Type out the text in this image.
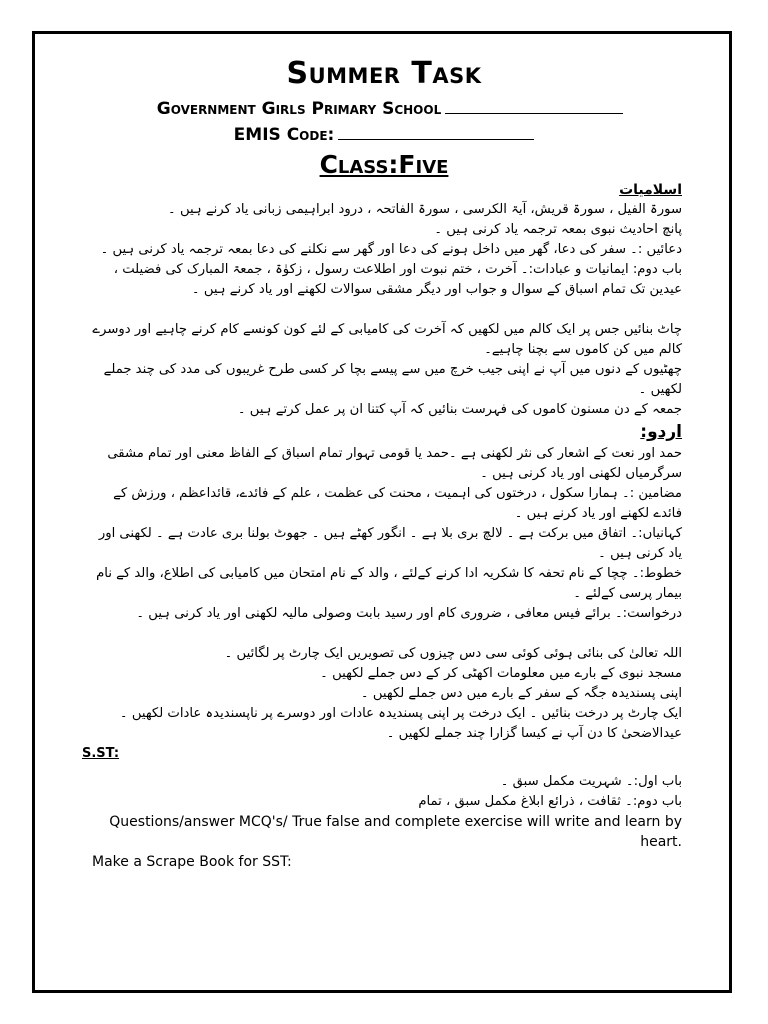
Summer Task
Government Girls Primary School
EMIS Code:
Class:Five

اسلامیات

سورۃ الفیل ، سورۃ قریش، آیۃ الکرسی ، سورۃ الفاتحہ ، درود ابراہیمی زبانی یاد کرنے ہیں ۔

پانچ احادیث نبوی بمعہ ترجمہ یاد کرنی ہیں ۔

دعائیں :۔ سفر کی دعا، گھر میں داخل ہونے کی دعا اور گھر سے نکلنے کی دعا بمعہ ترجمہ یاد کرنی ہیں ۔

باب دوم: ایمانیات و عبادات:۔ آخرت ، ختم نبوت اور اطلاعت رسول ، زکوٰۃ ، جمعۃ المبارک کی فضیلت ، عیدین تک تمام اسباق کے سوال و جواب اور دیگر مشقی سوالات لکھنے اور یاد کرنے ہیں ۔

چاٹ بنائیں جس پر ایک کالم میں لکھیں کہ آخرت کی کامیابی کے لئے کون کونسے کام کرنے چاہیے اور دوسرے کالم میں کن کاموں سے بچنا چاہیے۔

چھٹیوں کے دنوں میں آپ نے اپنی جیب خرچ میں سے پیسے بچا کر کسی طرح غریبوں کی مدد کی چند جملے لکھیں ۔

جمعہ کے دن مسنون کاموں کی فہرست بنائیں کہ آپ کتنا ان پر عمل کرتے ہیں ۔

اردو:

حمد اور نعت کے اشعار کی نثر لکھنی ہے ۔حمد یا قومی تہوار تمام اسباق کے الفاظ معنی اور تمام مشقی سرگرمیاں لکھنی اور یاد کرنی ہیں ۔

مضامین :۔ ہمارا سکول ، درختوں کی اہمیت ، محنت کی عظمت ، علم کے فائدے، قائداعظم ، ورزش کے فائدے لکھنے اور یاد کرنے ہیں ۔

کہانیاں:۔ اتفاق میں برکت ہے ۔ لالچ بری بلا ہے ۔ انگور کھٹے ہیں ۔ جھوٹ بولنا بری عادت ہے ۔ لکھنی اور یاد کرنی ہیں ۔

خطوط:۔ چچا کے نام تحفہ کا شکریہ ادا کرنے کےلئے ، والد کے نام امتحان میں کامیابی کی اطلاع، والد کے نام بیمار پرسی کےلئے ۔

درخواست:۔ برائے فیس معافی ، ضروری کام اور رسید بابت وصولی مالیہ لکھنی اور یاد کرنی ہیں ۔

اللہ تعالیٰ کی بنائی ہوئی کوئی سی دس چیزوں کی تصویریں ایک چارٹ پر لگائیں ۔

مسجد نبوی کے بارے میں معلومات اکھٹی کر کے دس جملے لکھیں ۔

اپنی پسندیدہ جگہ کے سفر کے بارے میں دس جملے لکھیں ۔

ایک چارٹ پر درخت بنائیں ۔ ایک درخت پر اپنی پسندیدہ عادات اور دوسرے پر ناپسندیدہ عادات لکھیں ۔

عیدالاضحیٰ کا دن آپ نے کیسا گزارا چند جملے لکھیں ۔

S.ST:

باب اول:۔ شہریت مکمل سبق ۔

باب دوم:۔ ثقافت ، ذرائع ابلاغ مکمل سبق ، تمام

Questions/answer MCQ's/ True false and complete exercise will write and learn by heart.

Make a Scrape Book for SST:
